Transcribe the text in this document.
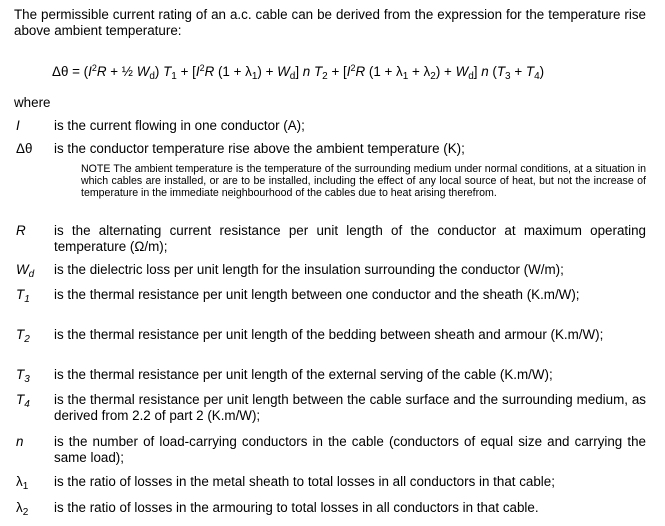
The permissible current rating of an a.c. cable can be derived from the expression for the temperature rise above ambient temperature:
$\Delta\theta = (I^2R$ + ½ $W_d$) $T_1 + [I^2R$ $(1 + \lambda_1) + W_d$] n $T_2 + [I^2R$ $(1 + \lambda_1 + \lambda_2) + W_d$] n $(T_3 + T_4)$
where
I	is the current flowing in one conductor (A);
Δθ is the conductor temperature rise above the ambient temperature (K);
NOTE The ambient temperature is the temperature of the surrounding medium under normal conditions, at a situation in which cables are installed, or are to be installed, including the effect of any local source of heat, but not the increase of temperature in the immediate neighbourhood of the cables due to heat arising therefrom.
R is the alternating current resistance per unit length of the conductor at maximum operating temperature (Ω/m);
$W_d$ is the dielectric loss per unit length for the insulation surrounding the conductor (W/m);
$T_1$ is the thermal resistance per unit length between one conductor and the sheath (K.m/W);
$T_2$ is the thermal resistance per unit length of the bedding between sheath and armour (K.m/W);
$T_3$ is the thermal resistance per unit length of the external serving of the cable (K.m/W);
$T_4$ is the thermal resistance per unit length between the cable surface and the surrounding medium, as derived from 2.2 of part 2 (K.m/W);
n is the number of load-carrying conductors in the cable (conductors of equal size and carrying the same load);
$\lambda_1$ is the ratio of losses in the metal sheath to total losses in all conductors in that cable;
$\lambda_2$ is the ratio of losses in the armouring to total losses in all conductors in that cable.
